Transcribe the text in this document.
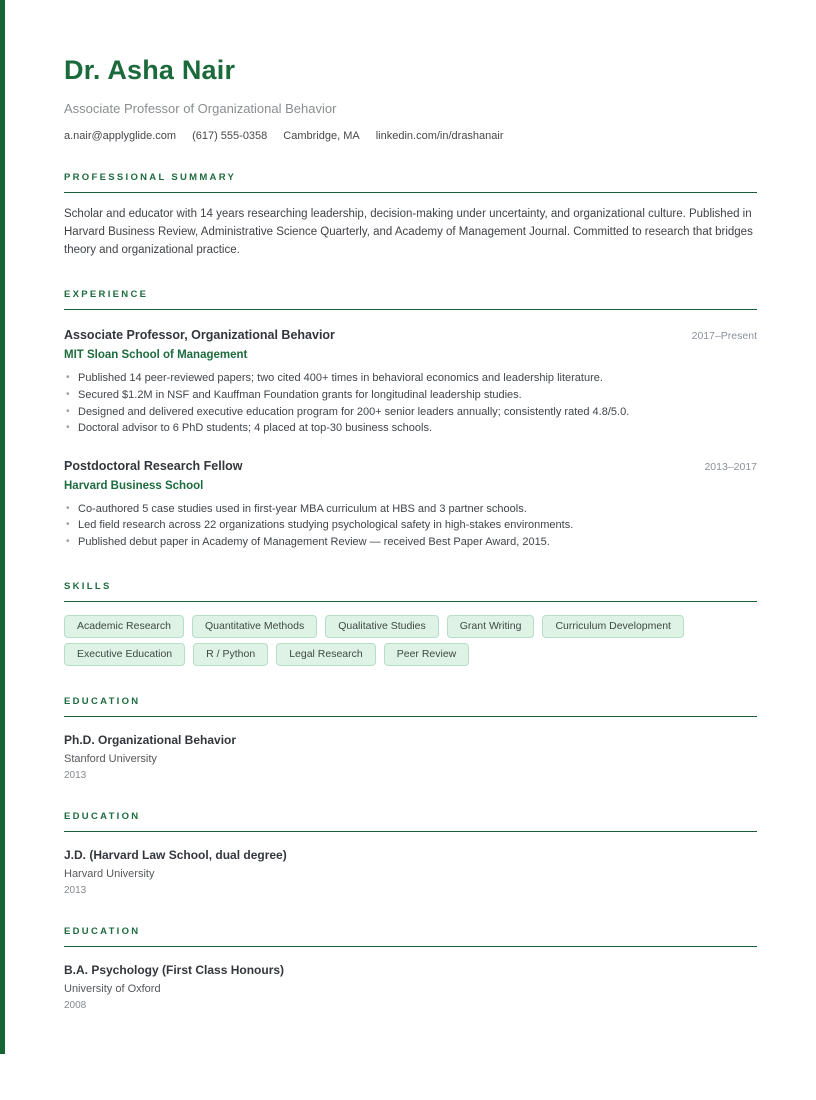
Dr. Asha Nair
Associate Professor of Organizational Behavior
a.nair@applyglide.com (617) 555-0358 Cambridge, MA linkedin.com/in/drashanair
PROFESSIONAL SUMMARY

Scholar and educator with 14 years researching leadership, decision-making under uncertainty, and organizational culture. Published in Harvard Business Review, Administrative Science Quarterly, and Academy of Management Journal. Committed to research that bridges theory and organizational practice.

EXPERIENCE
Associate Professor, Organizational Behavior	2017–Present
MIT Sloan School of Management
• Published 14 peer-reviewed papers; two cited 400+ times in behavioral economics and leadership literature.
• Secured $1.2M in NSF and Kauffman Foundation grants for longitudinal leadership studies.
• Designed and delivered executive education program for 200+ senior leaders annually; consistently rated 4.8/5.0.
• Doctoral advisor to 6 PhD students; 4 placed at top-30 business schools.
Postdoctoral Research Fellow	2013–2017
Harvard Business School
• Co-authored 5 case studies used in first-year MBA curriculum at HBS and 3 partner schools.
• Led field research across 22 organizations studying psychological safety in high-stakes environments.
• Published debut paper in Academy of Management Review — received Best Paper Award, 2015.
SKILLS
Academic Research	Quantitative Methods	Qualitative Studies	Grant Writing	Curriculum Development
Executive Education	R / Python	Legal Research	Peer Review
EDUCATION
Ph.D. Organizational Behavior
Stanford University
2013
EDUCATION
J.D. (Harvard Law School, dual degree)
Harvard University
2013
EDUCATION
B.A. Psychology (First Class Honours)
University of Oxford
2008
